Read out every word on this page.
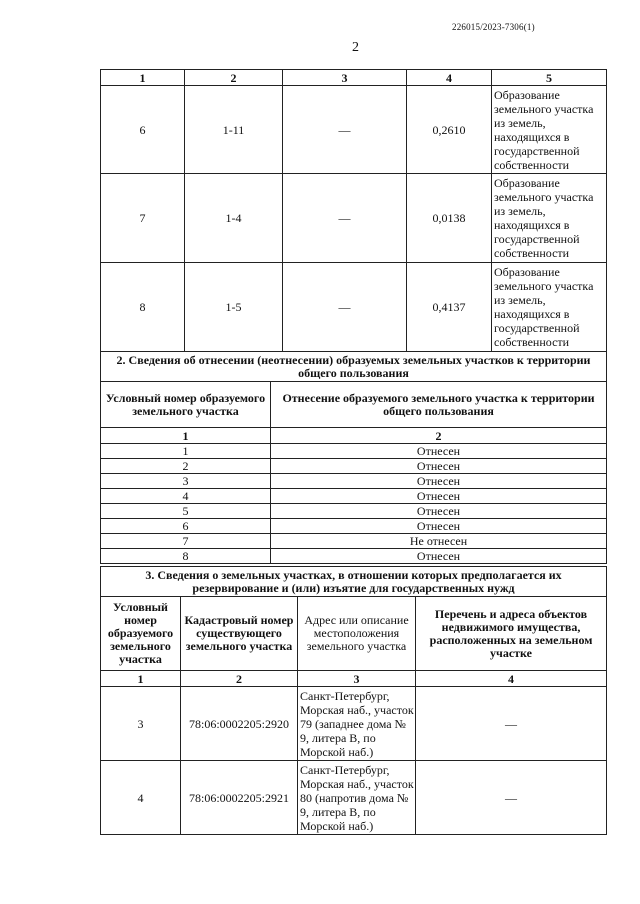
226015/2023-7306(1)
2
1	2	3	4	5
6	1-11	—	0,2610	Образование земельного участка из земель, находящихся в государственной собственности
7	1-4	—	0,0138	Образование земельного участка из земель, находящихся в государственной собственности
8	1-5	—	0,4137	Образование земельного участка из земель, находящихся в государственной собственности
2. Сведения об отнесении (неотнесении) образуемых земельных участков к территории общего пользования	
Условный номер образуемого земельного участка	Отнесение образуемого земельного участка к территории общего пользования
1	2
1	Отнесен
2	Отнесен
3	Отнесен
4	Отнесен
5	Отнесен
6	Отнесен
7	Не отнесен
8	Отнесен
3. Сведения о земельных участках, в отношении которых предполагается их резервирование и (или) изъятие для государственных нужд			
Условный номер образуемого земельного участка	Кадастровый номер существующего земельного участка	Адрес или описание местоположения земельного участка	Перечень и адреса объектов недвижимого имущества, расположенных на земельном участке
1	2	3	4
3	78:06:0002205:2920	Санкт-Петербург, Морская наб., участок 79 (западнее дома № 9, литера В, по Морской наб.)	—
4	78:06:0002205:2921	Санкт-Петербург, Морская наб., участок 80 (напротив дома № 9, литера В, по Морской наб.)	—
